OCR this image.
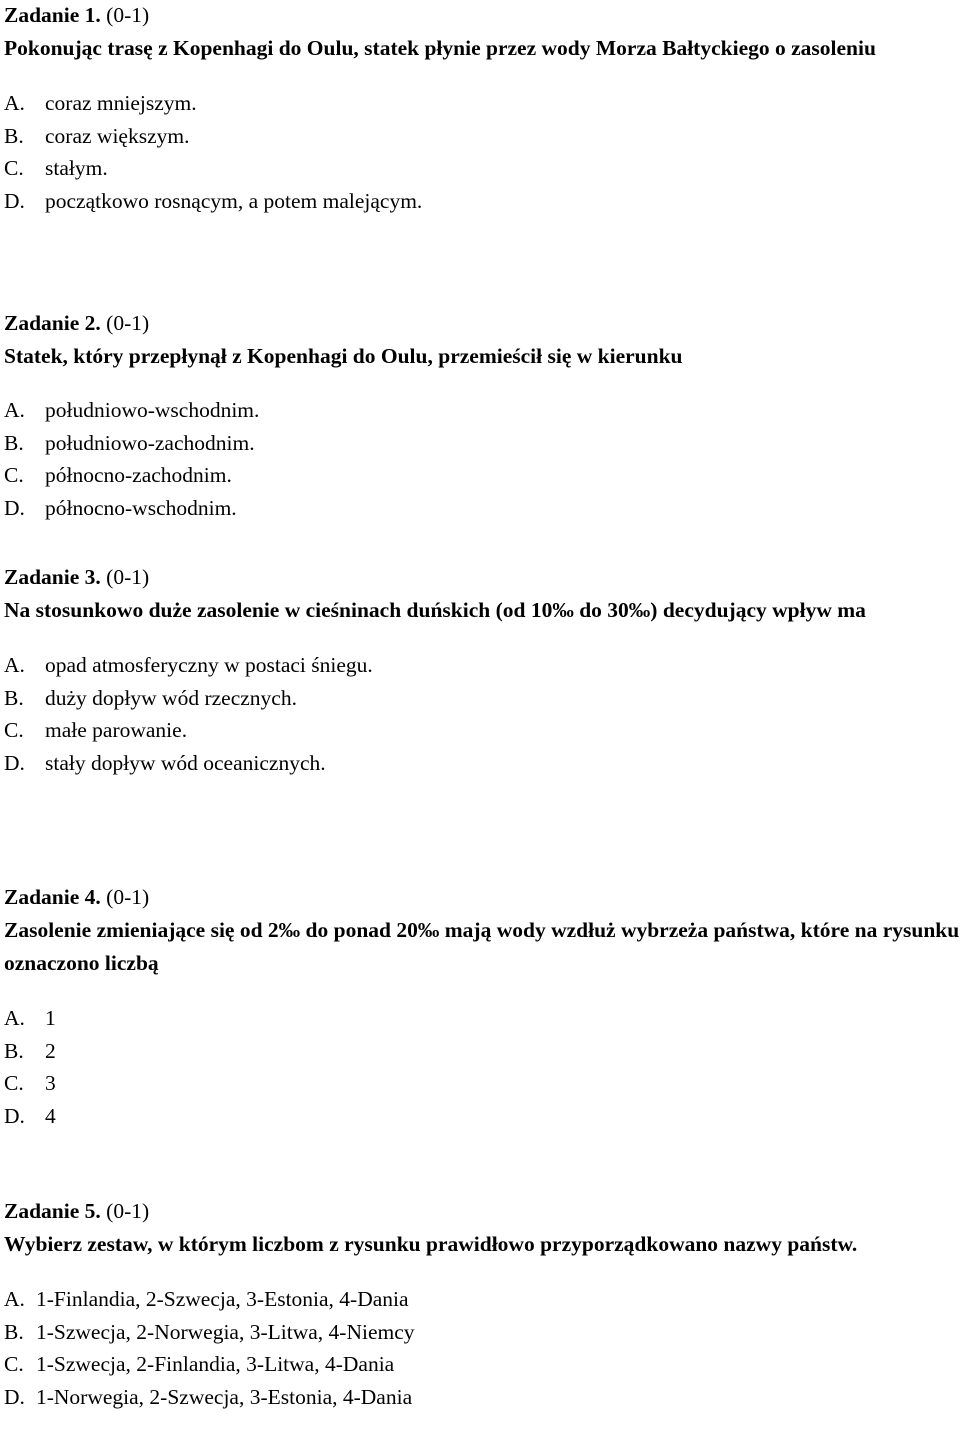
Zadanie 1. (0-1)
Pokonując trasę z Kopenhagi do Oulu, statek płynie przez wody Morza Bałtyckiego o zasoleniu
A. coraz mniejszym.
B. coraz większym.
C. stałym.
D. początkowo rosnącym, a potem malejącym.
Zadanie 2. (0-1)
Statek, który przepłynął z Kopenhagi do Oulu, przemieścił się w kierunku
A. południowo-wschodnim.
B. południowo-zachodnim.
C. północno-zachodnim.
D. północno-wschodnim.
Zadanie 3. (0-1)
Na stosunkowo duże zasolenie w cieśninach duńskich (od 10‰ do 30‰) decydujący wpływ ma
A. opad atmosferyczny w postaci śniegu.
B. duży dopływ wód rzecznych.
C. małe parowanie.
D. stały dopływ wód oceanicznych.
Zadanie 4. (0-1)
Zasolenie zmieniające się od 2‰ do ponad 20‰ mają wody wzdłuż wybrzeża państwa, które na rysunku oznaczono liczbą
A. 1
B. 2
C. 3
D. 4
Zadanie 5. (0-1)
Wybierz zestaw, w którym liczbom z rysunku prawidłowo przyporządkowano nazwy państw.
A. 1-Finlandia, 2-Szwecja, 3-Estonia, 4-Dania
B. 1-Szwecja, 2-Norwegia, 3-Litwa, 4-Niemcy
C. 1-Szwecja, 2-Finlandia, 3-Litwa, 4-Dania
D. 1-Norwegia, 2-Szwecja, 3-Estonia, 4-Dania
